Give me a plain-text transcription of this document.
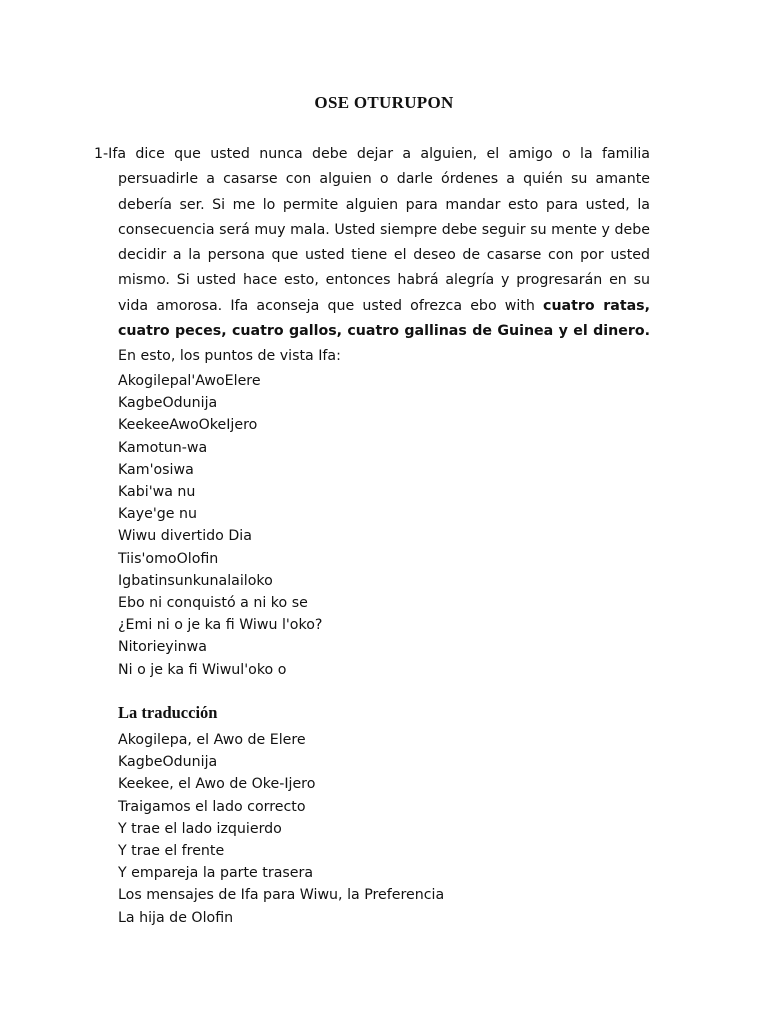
OSE OTURUPON

1-Ifa dice que usted nunca debe dejar a alguien, el amigo o la familia persuadirle a casarse con alguien o darle órdenes a quién su amante debería ser. Si me lo permite alguien para mandar esto para usted, la consecuencia será muy mala. Usted siempre debe seguir su mente y debe decidir a la persona que usted tiene el deseo de casarse con por usted mismo. Si usted hace esto, entonces habrá alegría y progresarán en su vida amorosa. Ifa aconseja que usted ofrezca ebo with cuatro ratas, cuatro peces, cuatro gallos, cuatro gallinas de Guinea y el dinero. En esto, los puntos de vista Ifa:

Akogilepal'AwoElere
KagbeOdunija
KeekeeAwoOkeIjero
Kamotun-wa
Kam'osiwa
Kabi'wa nu
Kaye'ge nu
Wiwu divertido Dia
Tiis'omoOlofin
Igbatinsunkunalailoko
Ebo ni conquistó a ni ko se
¿Emi ni o je ka fi Wiwu l'oko?
Nitorieyinwa
Ni o je ka fi Wiwul'oko o
La traducción
Akogilepa, el Awo de Elere
KagbeOdunija
Keekee, el Awo de Oke-Ijero
Traigamos el lado correcto
Y trae el lado izquierdo
Y trae el frente
Y empareja la parte trasera
Los mensajes de Ifa para Wiwu, la Preferencia
La hija de Olofin
